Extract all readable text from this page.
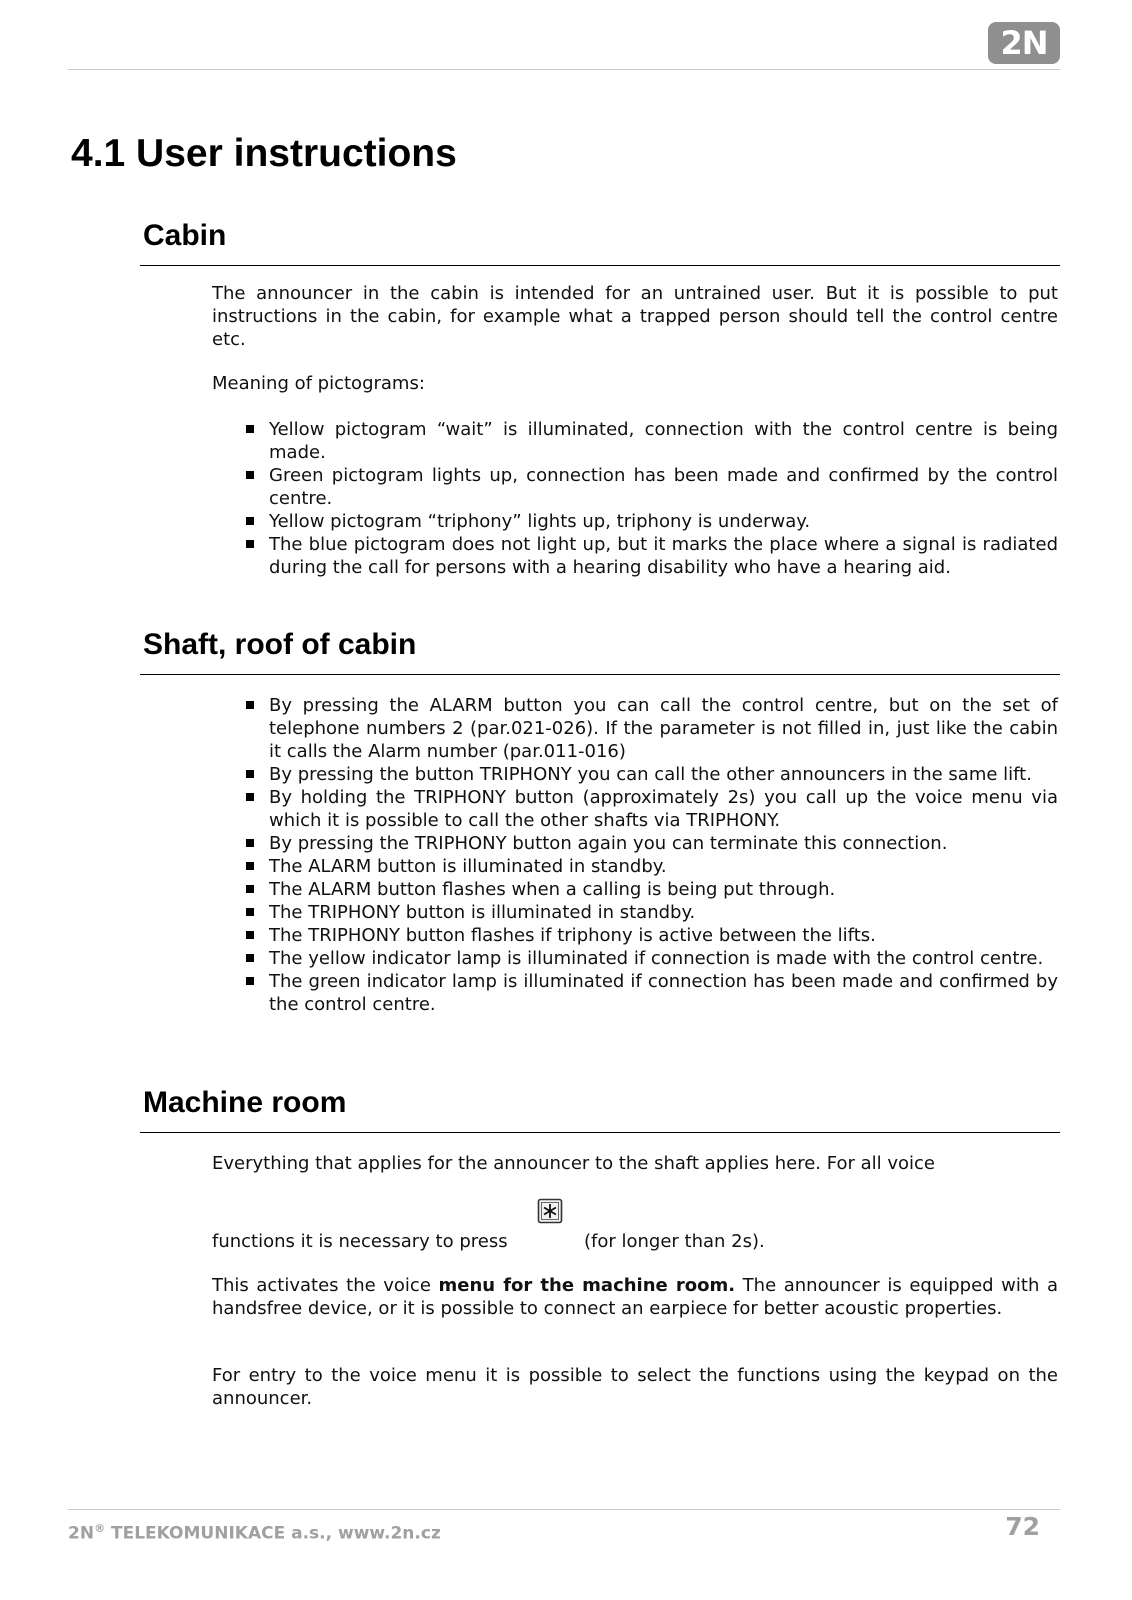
2N
4.1 User instructions
Cabin

The announcer in the cabin is intended for an untrained user. But it is possible to put instructions in the cabin, for example what a trapped person should tell the control centre etc.

Meaning of pictograms:

Yellow pictogram “wait” is illuminated, connection with the control centre is being made.
Green pictogram lights up, connection has been made and confirmed by the control centre.
Yellow pictogram “triphony” lights up, triphony is underway.
The blue pictogram does not light up, but it marks the place where a signal is radiated during the call for persons with a hearing disability who have a hearing aid.
Shaft, roof of cabin
By pressing the ALARM button you can call the control centre, but on the set of telephone numbers 2 (par.021-026). If the parameter is not filled in, just like the cabin it calls the Alarm number (par.011-016)
By pressing the button TRIPHONY you can call the other announcers in the same lift.
By holding the TRIPHONY button (approximately 2s) you call up the voice menu via which it is possible to call the other shafts via TRIPHONY.
By pressing the TRIPHONY button again you can terminate this connection.
The ALARM button is illuminated in standby.
The ALARM button flashes when a calling is being put through.
The TRIPHONY button is illuminated in standby.
The TRIPHONY button flashes if triphony is active between the lifts.
The yellow indicator lamp is illuminated if connection is made with the control centre.
The green indicator lamp is illuminated if connection has been made and confirmed by the control centre.
Machine room

Everything that applies for the announcer to the shaft applies here. For all voice

functions it is necessary to press	(for longer than 2s).

This activates the voice menu for the machine room. The announcer is equipped with a handsfree device, or it is possible to connect an earpiece for better acoustic properties.

For entry to the voice menu it is possible to select the functions using the keypad on the announcer.

2N® TELEKOMUNIKACE a.s., www.2n.cz	72
